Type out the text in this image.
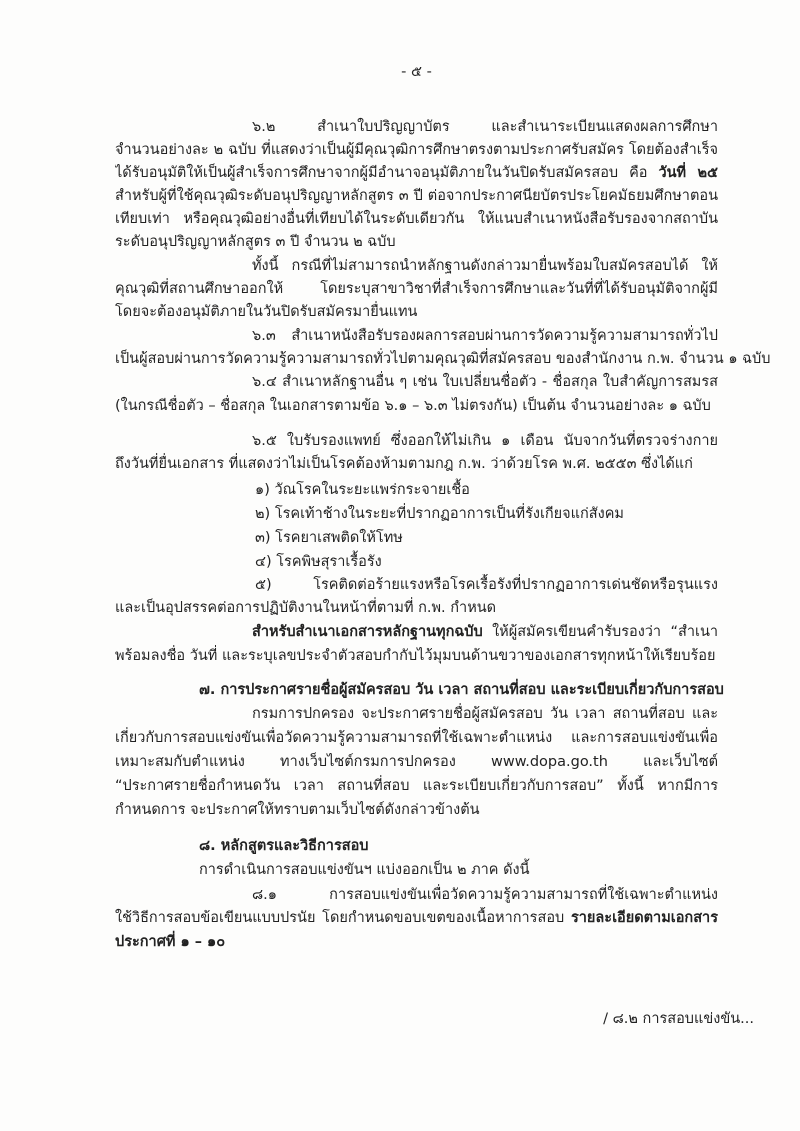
- ๕ -
๖.๒ สำเนาใบปริญญาบัตร และสำเนาระเบียนแสดงผลการศึกษา
จำนวนอย่างละ ๒ ฉบับ ที่แสดงว่าเป็นผู้มีคุณวุฒิการศึกษาตรงตามประกาศรับสมัคร โดยต้องสำเร็จ
ได้รับอนุมัติให้เป็นผู้สำเร็จการศึกษาจากผู้มีอำนาจอนุมัติภายในวันปิดรับสมัครสอบ คือ วันที่ ๒๕
สำหรับผู้ที่ใช้คุณวุฒิระดับอนุปริญญาหลักสูตร ๓ ปี ต่อจากประกาศนียบัตรประโยคมัธยมศึกษาตอน
เทียบเท่า หรือคุณวุฒิอย่างอื่นที่เทียบได้ในระดับเดียวกัน ให้แนบสำเนาหนังสือรับรองจากสถาบัน
ระดับอนุปริญญาหลักสูตร ๓ ปี จำนวน ๒ ฉบับ
ทั้งนี้ กรณีที่ไม่สามารถนำหลักฐานดังกล่าวมายื่นพร้อมใบสมัครสอบได้ ให้
คุณวุฒิที่สถานศึกษาออกให้ โดยระบุสาขาวิชาที่สำเร็จการศึกษาและวันที่ที่ได้รับอนุมัติจากผู้มี
โดยจะต้องอนุมัติภายในวันปิดรับสมัครมายื่นแทน
๖.๓ สำเนาหนังสือรับรองผลการสอบผ่านการวัดความรู้ความสามารถทั่วไป
เป็นผู้สอบผ่านการวัดความรู้ความสามารถทั่วไปตามคุณวุฒิที่สมัครสอบ ของสำนักงาน ก.พ. จำนวน ๑ ฉบับ
๖.๔ สำเนาหลักฐานอื่น ๆ เช่น ใบเปลี่ยนชื่อตัว - ชื่อสกุล ใบสำคัญการสมรส
(ในกรณีชื่อตัว – ชื่อสกุล ในเอกสารตามข้อ ๖.๑ – ๖.๓ ไม่ตรงกัน) เป็นต้น จำนวนอย่างละ ๑ ฉบับ
๖.๕ ใบรับรองแพทย์ ซึ่งออกให้ไม่เกิน ๑ เดือน นับจากวันที่ตรวจร่างกาย
ถึงวันที่ยื่นเอกสาร ที่แสดงว่าไม่เป็นโรคต้องห้ามตามกฎ ก.พ. ว่าด้วยโรค พ.ศ. ๒๕๕๓ ซึ่งได้แก่
๑) วัณโรคในระยะแพร่กระจายเชื้อ
๒) โรคเท้าช้างในระยะที่ปรากฏอาการเป็นที่รังเกียจแก่สังคม
๓) โรคยาเสพติดให้โทษ
๔) โรคพิษสุราเรื้อรัง
๕) โรคติดต่อร้ายแรงหรือโรคเรื้อรังที่ปรากฏอาการเด่นชัดหรือรุนแรง
และเป็นอุปสรรคต่อการปฏิบัติงานในหน้าที่ตามที่ ก.พ. กำหนด
สำหรับสำเนาเอกสารหลักฐานทุกฉบับ ให้ผู้สมัครเขียนคำรับรองว่า “สำเนา
พร้อมลงชื่อ วันที่ และระบุเลขประจำตัวสอบกำกับไว้มุมบนด้านขวาของเอกสารทุกหน้าให้เรียบร้อย
๗. การประกาศรายชื่อผู้สมัครสอบ วัน เวลา สถานที่สอบ และระเบียบเกี่ยวกับการสอบ
กรมการปกครอง จะประกาศรายชื่อผู้สมัครสอบ วัน เวลา สถานที่สอบ และ
เกี่ยวกับการสอบแข่งขันเพื่อวัดความรู้ความสามารถที่ใช้เฉพาะตำแหน่ง และการสอบแข่งขันเพื่อ
เหมาะสมกับตำแหน่ง ทางเว็บไซต์กรมการปกครอง www.dopa.go.th และเว็บไซต์
“ประกาศรายชื่อกำหนดวัน เวลา สถานที่สอบ และระเบียบเกี่ยวกับการสอบ” ทั้งนี้ หากมีการ
กำหนดการ จะประกาศให้ทราบตามเว็บไซต์ดังกล่าวข้างต้น
๘. หลักสูตรและวิธีการสอบ
การดำเนินการสอบแข่งขันฯ แบ่งออกเป็น ๒ ภาค ดังนี้
๘.๑ การสอบแข่งขันเพื่อวัดความรู้ความสามารถที่ใช้เฉพาะตำแหน่ง
ใช้วิธีการสอบข้อเขียนแบบปรนัย โดยกำหนดขอบเขตของเนื้อหาการสอบ รายละเอียดตามเอกสาร
ประกาศที่ ๑ – ๑๐
/ ๘.๒ การสอบแข่งขัน...
